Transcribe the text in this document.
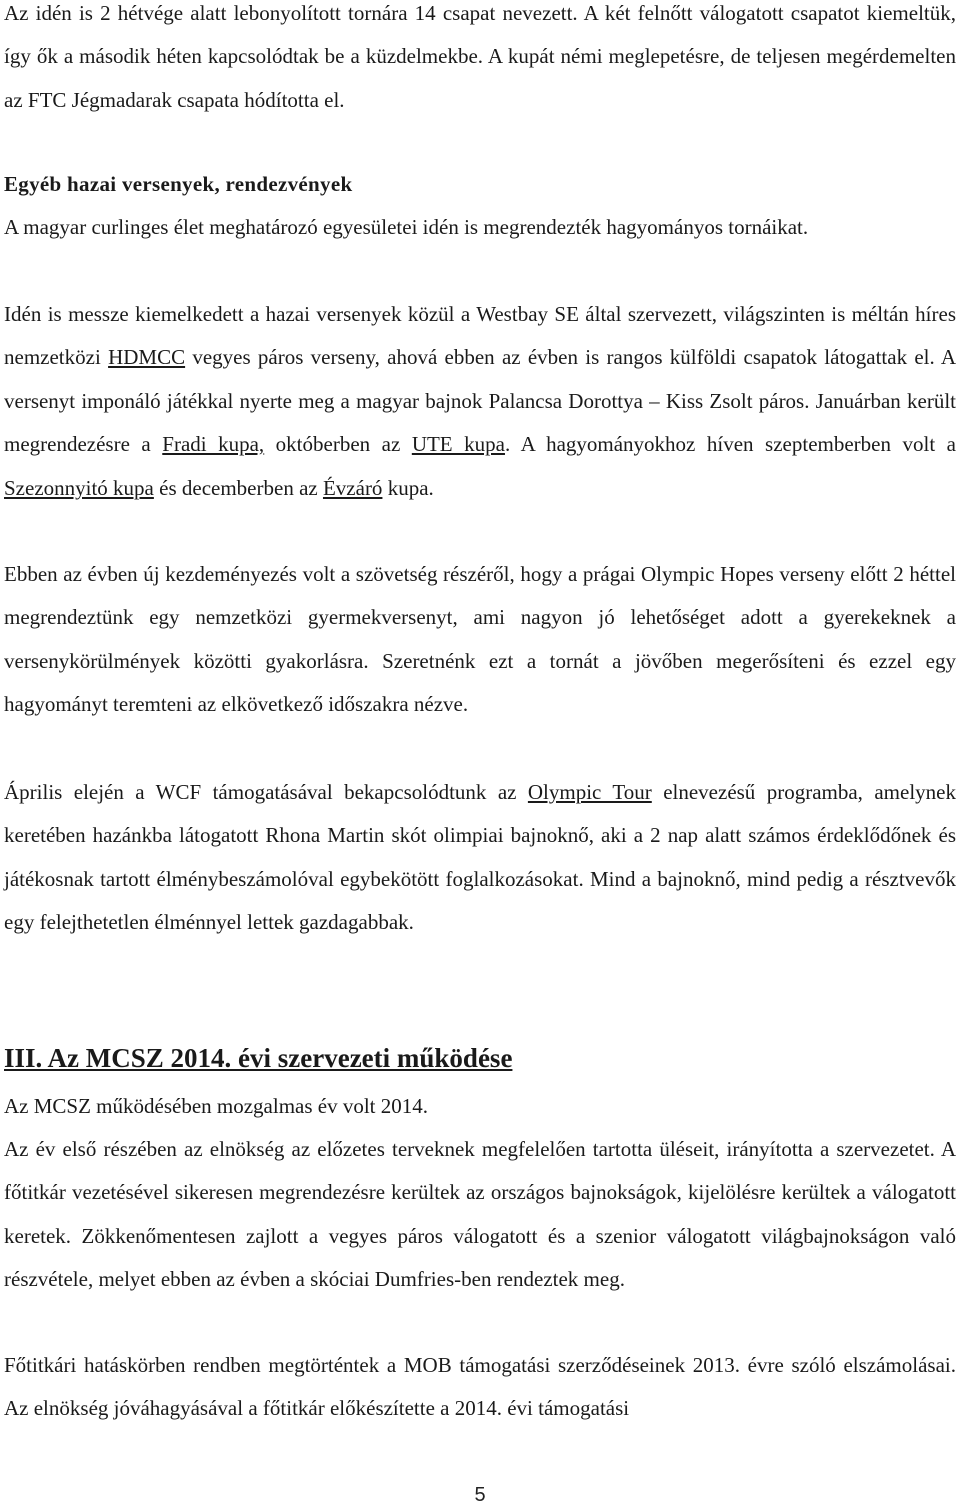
Az idén is 2 hétvége alatt lebonyolított tornára 14 csapat nevezett. A két felnőtt válogatott csapatot kiemeltük, így ők a második héten kapcsolódtak be a küzdelmekbe. A kupát némi meglepetésre, de teljesen megérdemelten az FTC Jégmadarak csapata hódította el.

Egyéb hazai versenyek, rendezvények

A magyar curlinges élet meghatározó egyesületei idén is megrendezték hagyományos tornáikat.

Idén is messze kiemelkedett a hazai versenyek közül a Westbay SE által szervezett, világszinten is méltán híres nemzetközi HDMCC vegyes páros verseny, ahová ebben az évben is rangos külföldi csapatok látogattak el. A versenyt imponáló játékkal nyerte meg a magyar bajnok Palancsa Dorottya – Kiss Zsolt páros. Januárban került megrendezésre a Fradi kupa, októberben az UTE kupa. A hagyományokhoz híven szeptemberben volt a Szezonnyitó kupa és decemberben az Évzáró kupa.

Ebben az évben új kezdeményezés volt a szövetség részéről, hogy a prágai Olympic Hopes verseny előtt 2 héttel megrendeztünk egy nemzetközi gyermekversenyt, ami nagyon jó lehetőséget adott a gyerekeknek a versenykörülmények közötti gyakorlásra. Szeretnénk ezt a tornát a jövőben megerősíteni és ezzel egy hagyományt teremteni az elkövetkező időszakra nézve.

Április elején a WCF támogatásával bekapcsolódtunk az Olympic Tour elnevezésű programba, amelynek keretében hazánkba látogatott Rhona Martin skót olimpiai bajnoknő, aki a 2 nap alatt számos érdeklődőnek és játékosnak tartott élménybeszámolóval egybekötött foglalkozásokat. Mind a bajnoknő, mind pedig a résztvevők egy felejthetetlen élménnyel lettek gazdagabbak.

III. Az MCSZ 2014. évi szervezeti működése

Az MCSZ működésében mozgalmas év volt 2014.

Az év első részében az elnökség az előzetes terveknek megfelelően tartotta üléseit, irányította a szervezetet. A főtitkár vezetésével sikeresen megrendezésre kerültek az országos bajnokságok, kijelölésre kerültek a válogatott keretek. Zökkenőmentesen zajlott a vegyes páros válogatott és a szenior válogatott világbajnokságon való részvétele, melyet ebben az évben a skóciai Dumfries-ben rendeztek meg.

Főtitkári hatáskörben rendben megtörténtek a MOB támogatási szerződéseinek 2013. évre szóló elszámolásai. Az elnökség jóváhagyásával a főtitkár előkészítette a 2014. évi támogatási

5
